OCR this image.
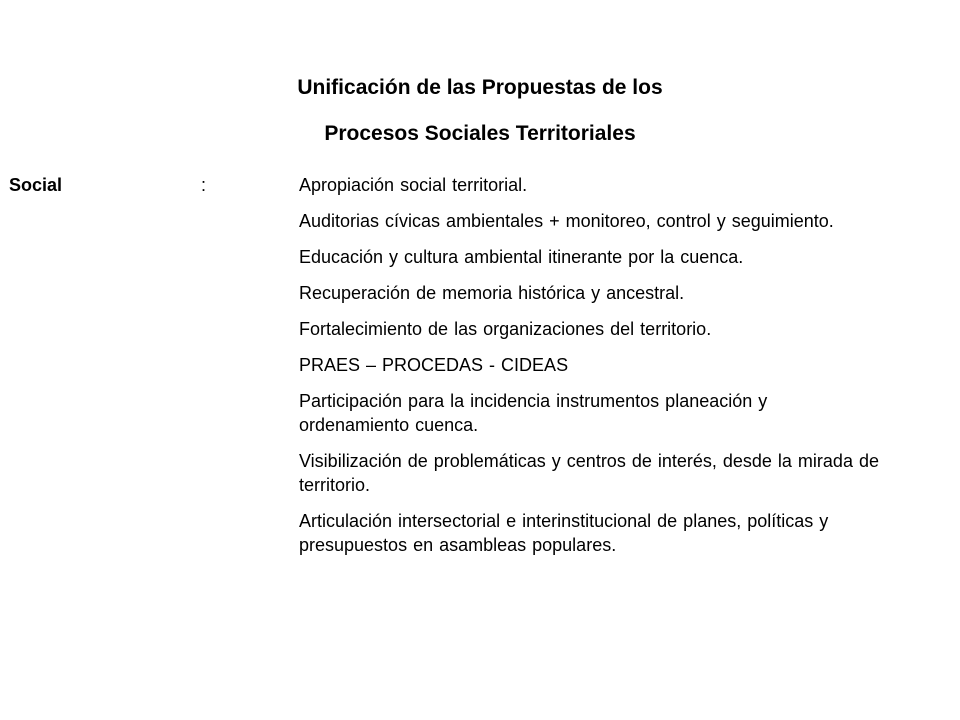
Unificación de las Propuestas de los
Procesos Sociales Territoriales
Social	:	Apropiación social territorial.
Auditorias cívicas ambientales + monitoreo, control y seguimiento.
Educación y cultura ambiental itinerante por la cuenca.
Recuperación de memoria histórica y ancestral.
Fortalecimiento de las organizaciones del territorio.
PRAES – PROCEDAS - CIDEAS
Participación para la incidencia instrumentos planeación y ordenamiento cuenca.
Visibilización de problemáticas y centros de interés, desde la mirada de territorio.
Articulación intersectorial e interinstitucional de planes, políticas y presupuestos en asambleas populares.
